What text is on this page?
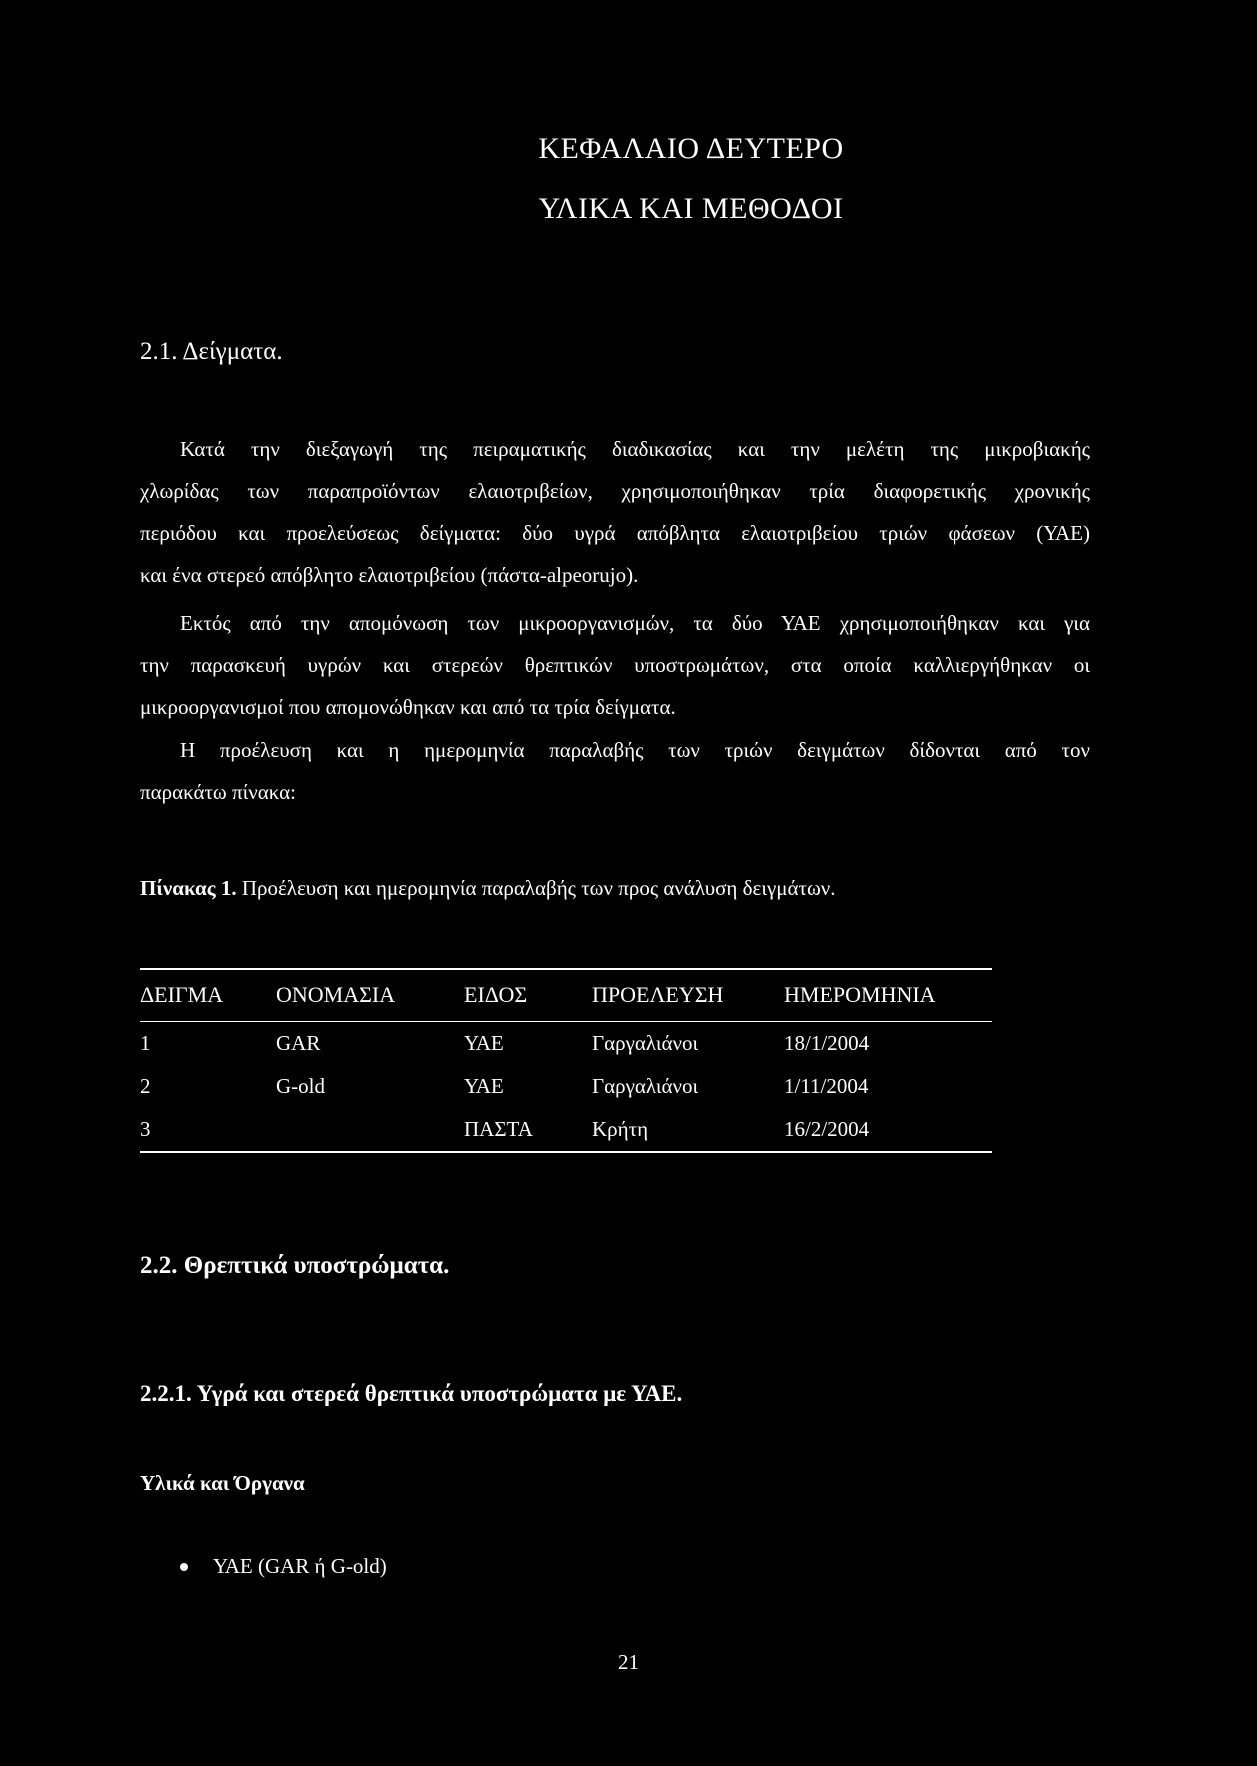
ΚΕΦΑΛΑΙΟ ΔΕΥΤΕΡΟ
ΥΛΙΚΑ ΚΑΙ ΜΕΘΟΔΟΙ
2.1. Δείγματα.
Κατά την διεξαγωγή της πειραματικής διαδικασίας και την μελέτη της μικροβιακής
χλωρίδας των παραπροϊόντων ελαιοτριβείων, χρησιμοποιήθηκαν τρία διαφορετικής χρονικής
περιόδου και προελεύσεως δείγματα: δύο υγρά απόβλητα ελαιοτριβείου τριών φάσεων (ΥΑΕ)
και ένα στερεό απόβλητο ελαιοτριβείου (πάστα-alpeorujo).
Εκτός από την απομόνωση των μικροοργανισμών, τα δύο ΥΑΕ χρησιμοποιήθηκαν και για
την παρασκευή υγρών και στερεών θρεπτικών υποστρωμάτων, στα οποία καλλιεργήθηκαν οι
μικροοργανισμοί που απομονώθηκαν και από τα τρία δείγματα.
Η προέλευση και η ημερομηνία παραλαβής των τριών δειγμάτων δίδονται από τον
παρακάτω πίνακα:
Πίνακας 1. Προέλευση και ημερομηνία παραλαβής των προς ανάλυση δειγμάτων.
ΔΕΙΓΜΑ	ΟΝΟΜΑΣΙΑ	ΕΙΔΟΣ	ΠΡΟΕΛΕΥΣΗ	ΗΜΕΡΟΜΗΝΙΑ
1	GAR	ΥΑΕ	Γαργαλιάνοι	18/1/2004
2	G-old	ΥΑΕ	Γαργαλιάνοι	1/11/2004
3		ΠΑΣΤΑ	Κρήτη	16/2/2004
2.2. Θρεπτικά υποστρώματα.
2.2.1. Υγρά και στερεά θρεπτικά υποστρώματα με ΥΑΕ.
Υλικά και Όργανα
ΥΑΕ (GAR ή G-old)
21
